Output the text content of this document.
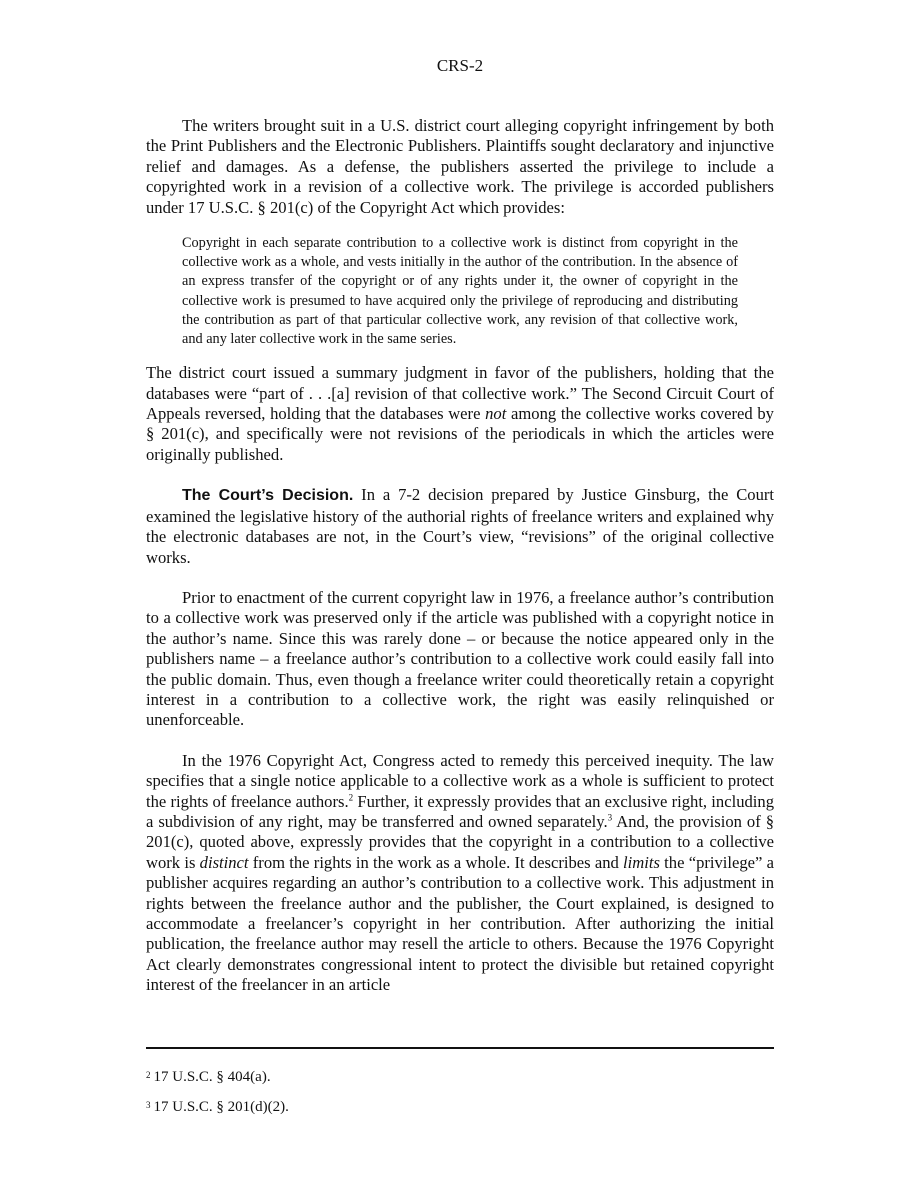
CRS-2

The writers brought suit in a U.S. district court alleging copyright infringement by both the Print Publishers and the Electronic Publishers. Plaintiffs sought declaratory and injunctive relief and damages. As a defense, the publishers asserted the privilege to include a copyrighted work in a revision of a collective work. The privilege is accorded publishers under 17 U.S.C. § 201(c) of the Copyright Act which provides:

Copyright in each separate contribution to a collective work is distinct from copyright in the collective work as a whole, and vests initially in the author of the contribution. In the absence of an express transfer of the copyright or of any rights under it, the owner of copyright in the collective work is presumed to have acquired only the privilege of reproducing and distributing the contribution as part of that particular collective work, any revision of that collective work, and any later collective work in the same series.

The district court issued a summary judgment in favor of the publishers, holding that the databases were “part of . . .[a] revision of that collective work.” The Second Circuit Court of Appeals reversed, holding that the databases were not among the collective works covered by § 201(c), and specifically were not revisions of the periodicals in which the articles were originally published.

The Court’s Decision. In a 7-2 decision prepared by Justice Ginsburg, the Court examined the legislative history of the authorial rights of freelance writers and explained why the electronic databases are not, in the Court’s view, “revisions” of the original collective works.

Prior to enactment of the current copyright law in 1976, a freelance author’s contribution to a collective work was preserved only if the article was published with a copyright notice in the author’s name. Since this was rarely done – or because the notice appeared only in the publishers name – a freelance author’s contribution to a collective work could easily fall into the public domain. Thus, even though a freelance writer could theoretically retain a copyright interest in a contribution to a collective work, the right was easily relinquished or unenforceable.

In the 1976 Copyright Act, Congress acted to remedy this perceived inequity. The law specifies that a single notice applicable to a collective work as a whole is sufficient to protect the rights of freelance authors.$^2$ Further, it expressly provides that an exclusive right, including a subdivision of any right, may be transferred and owned separately.$^3$ And, the provision of § 201(c), quoted above, expressly provides that the copyright in a contribution to a collective work is distinct from the rights in the work as a whole. It describes and limits the “privilege” a publisher acquires regarding an author’s contribution to a collective work. This adjustment in rights between the freelance author and the publisher, the Court explained, is designed to accommodate a freelancer’s copyright in her contribution. After authorizing the initial publication, the freelance author may resell the article to others. Because the 1976 Copyright Act clearly demonstrates congressional intent to protect the divisible but retained copyright interest of the freelancer in an article

$^2$ 17 U.S.C. § 404(a).
$^3$ 17 U.S.C. § 201(d)(2).
